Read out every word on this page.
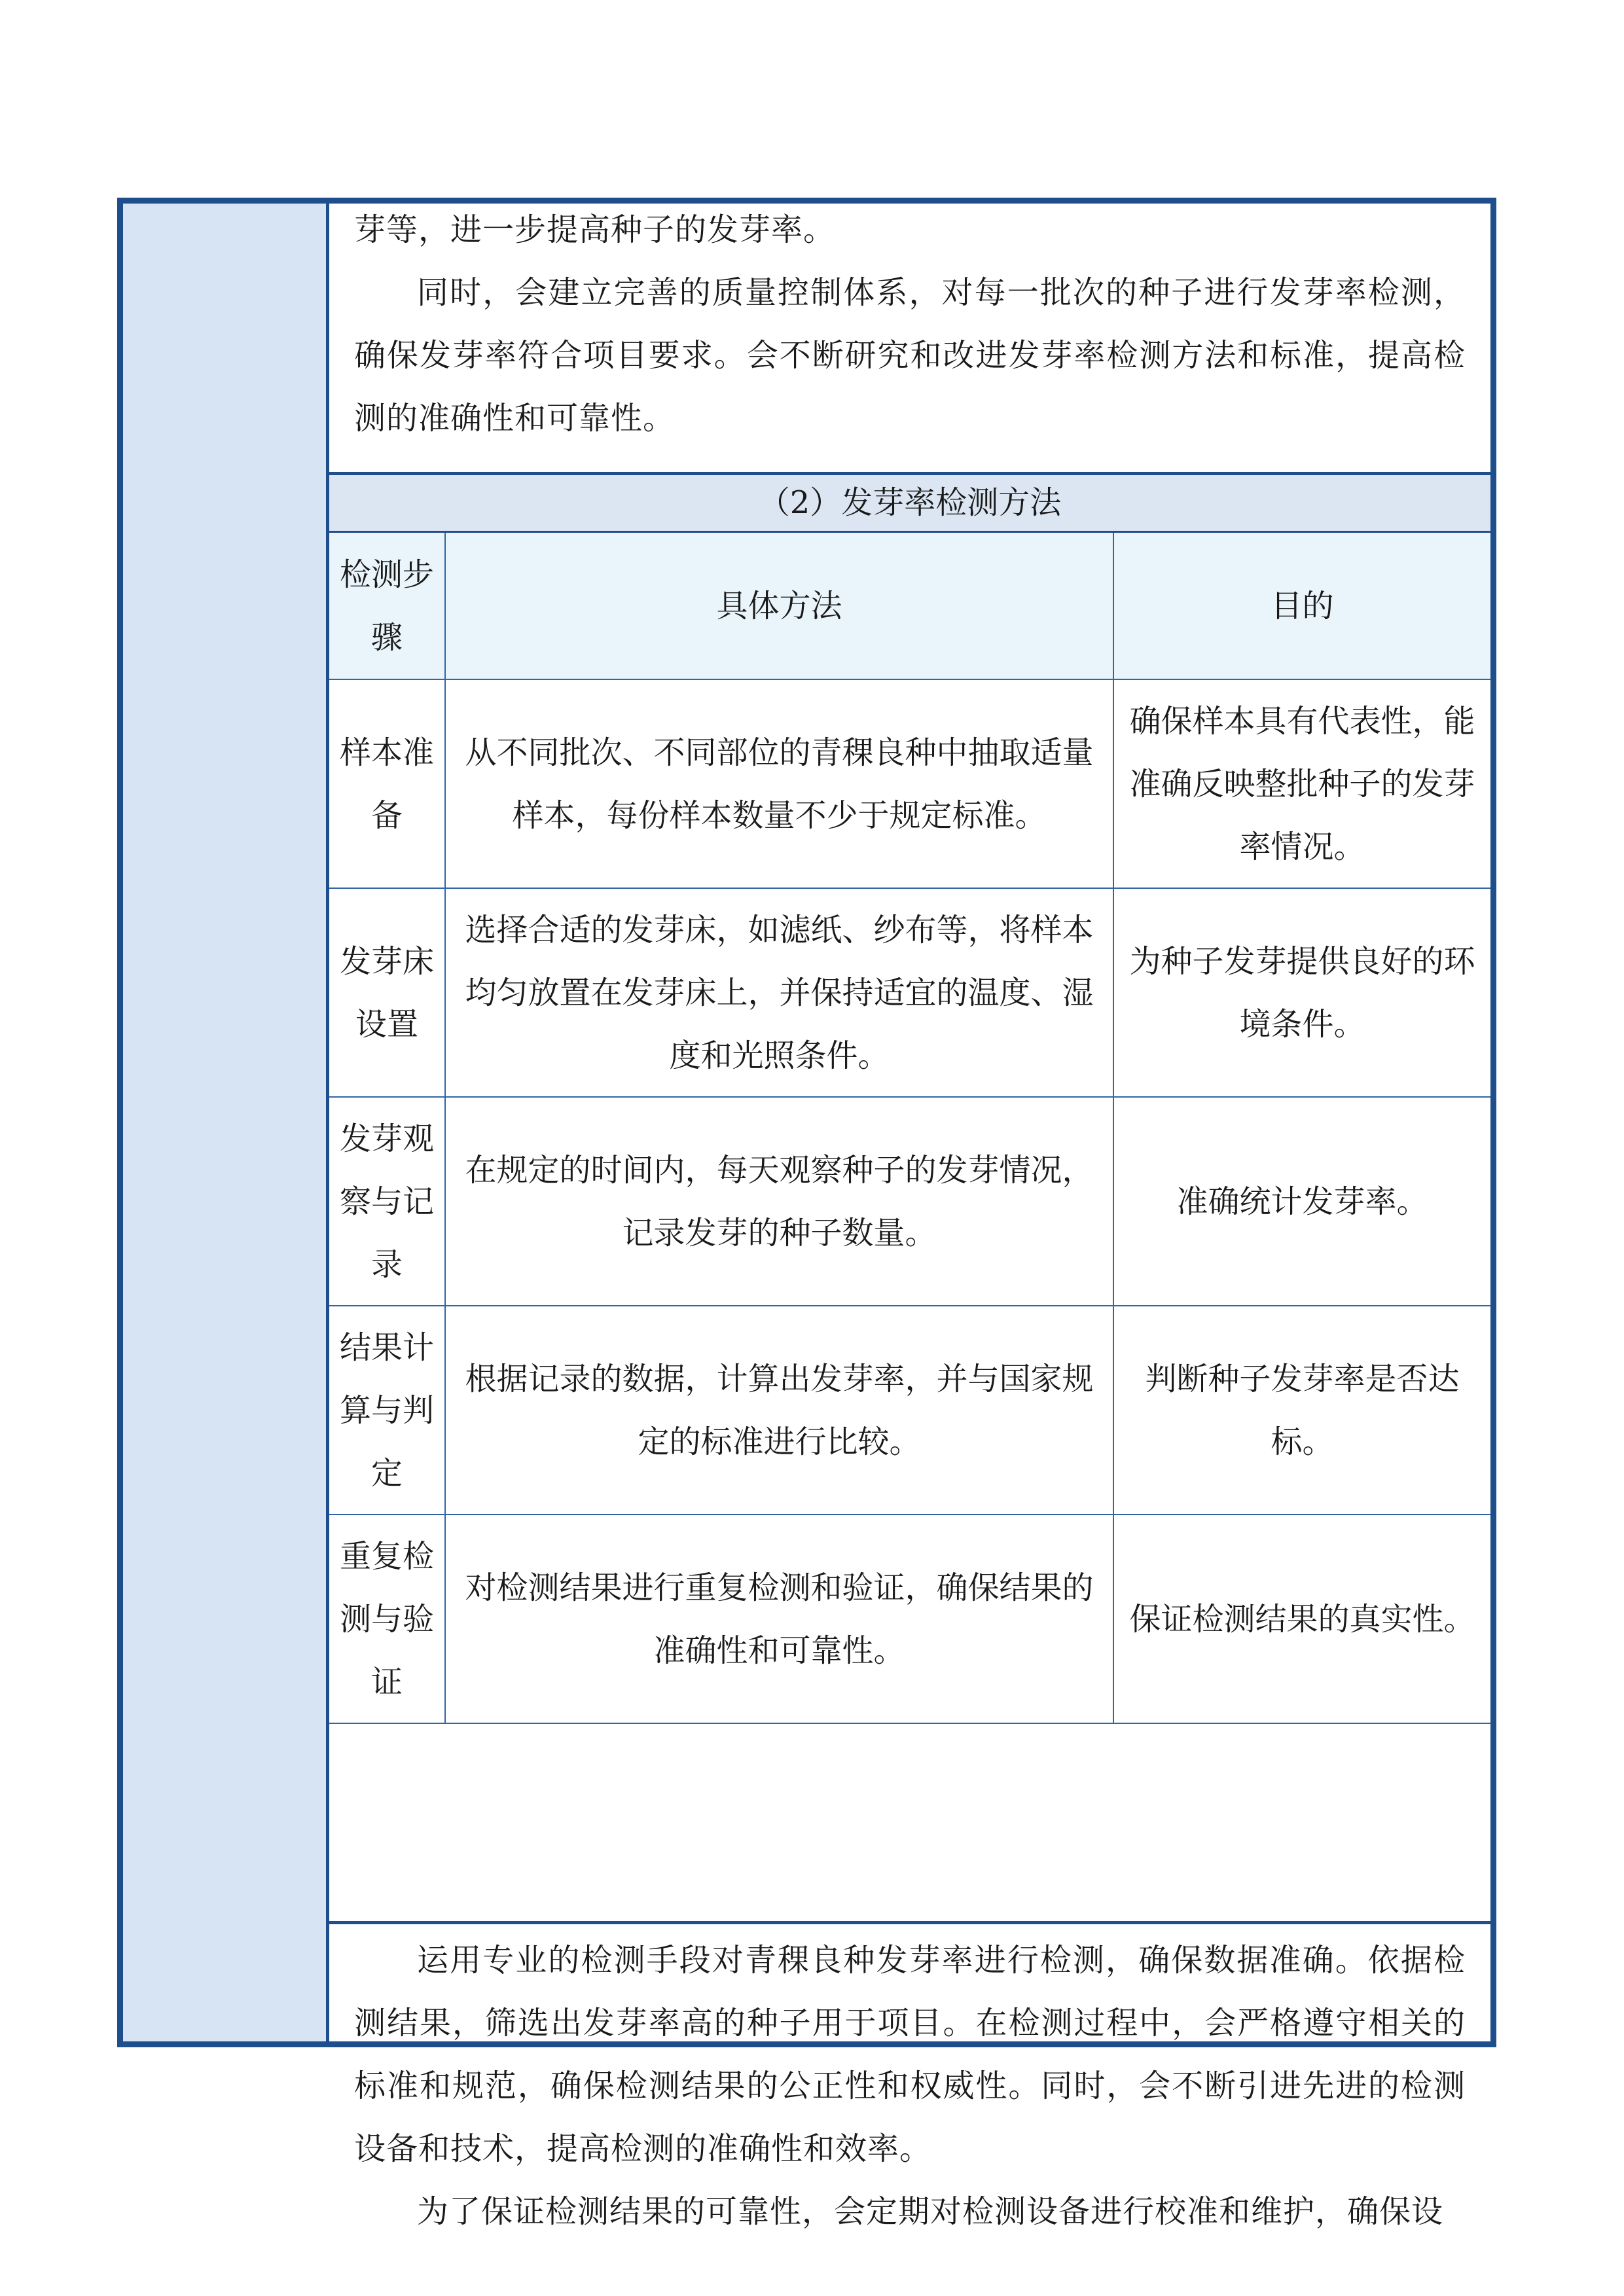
芽等，进一步提高种子的发芽率。

同时，会建立完善的质量控制体系，对每一批次的种子进行发芽率检测，确保发芽率符合项目要求。会不断研究和改进发芽率检测方法和标准，提高检测的准确性和可靠性。

（2）发芽率检测方法
检测步骤	具体方法	目的
样本准备	从不同批次、不同部位的青稞良种中抽取适量样本，每份样本数量不少于规定标准。	确保样本具有代表性，能准确反映整批种子的发芽率情况。
发芽床设置	选择合适的发芽床，如滤纸、纱布等，将样本均匀放置在发芽床上，并保持适宜的温度、湿度和光照条件。	为种子发芽提供良好的环境条件。
发芽观察与记录	在规定的时间内，每天观察种子的发芽情况，记录发芽的种子数量。	准确统计发芽率。
结果计算与判定	根据记录的数据，计算出发芽率，并与国家规定的标准进行比较。	判断种子发芽率是否达标。
重复检测与验证	对检测结果进行重复检测和验证，确保结果的准确性和可靠性。	保证检测结果的真实性。

运用专业的检测手段对青稞良种发芽率进行检测，确保数据准确。依据检测结果，筛选出发芽率高的种子用于项目。在检测过程中，会严格遵守相关的标准和规范，确保检测结果的公正性和权威性。同时，会不断引进先进的检测设备和技术，提高检测的准确性和效率。

为了保证检测结果的可靠性，会定期对检测设备进行校准和维护，确保设
